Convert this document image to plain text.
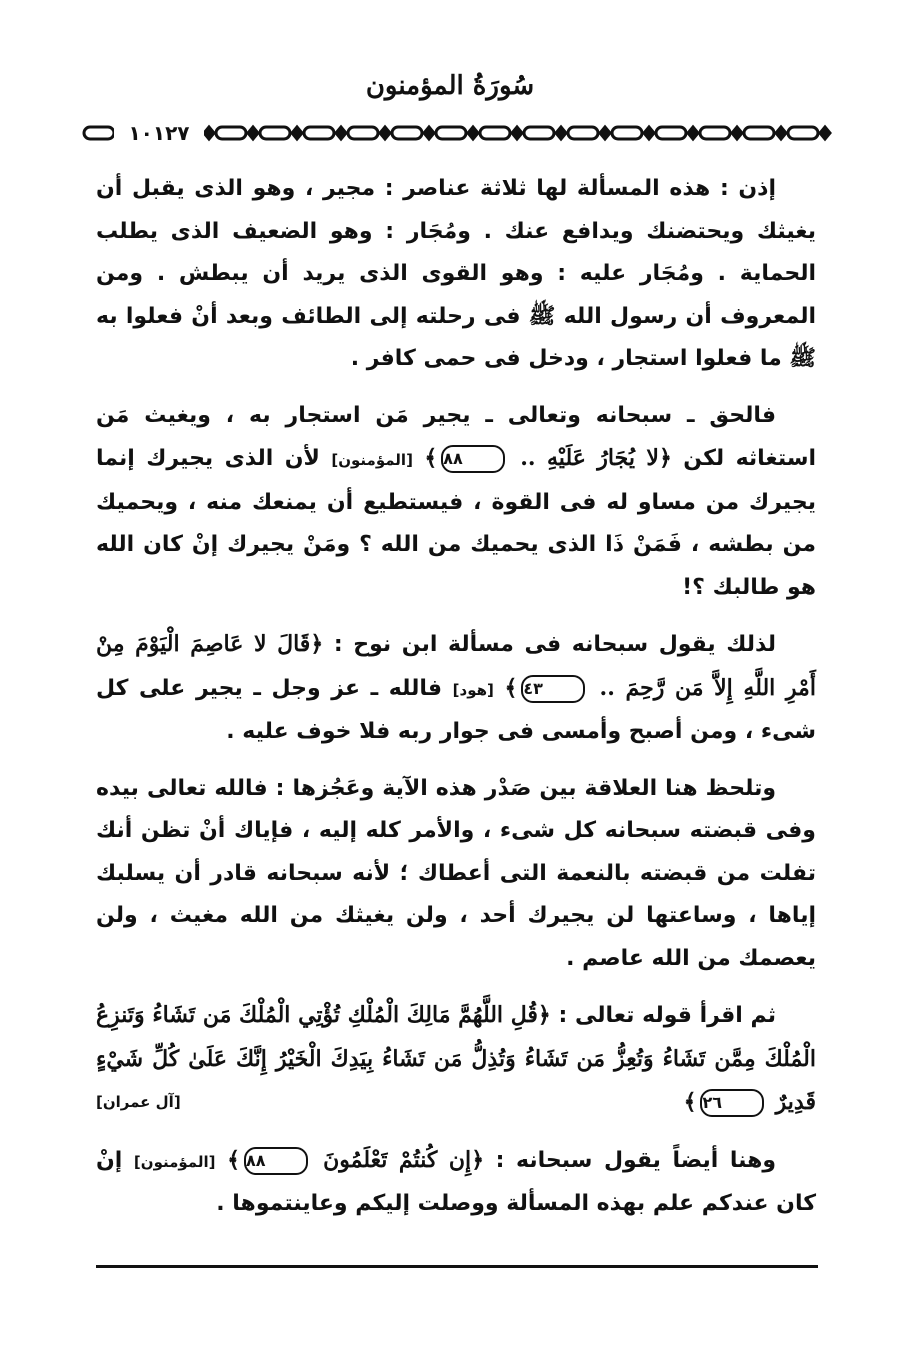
سُورَةُ المؤمنون
١٠١٢٧

إذن : هذه المسألة لها ثلاثة عناصر : مجير ، وهو الذى يقبل أن يغيثك ويحتضنك ويدافع عنك . ومُجَار : وهو الضعيف الذى يطلب الحماية . ومُجَار عليه : وهو القوى الذى يريد أن يبطش . ومن المعروف أن رسول الله ﷺ فى رحلته إلى الطائف وبعد أنْ فعلوا به ﷺ ما فعلوا استجار ، ودخل فى حمى كافر .

فالحق ـ سبحانه وتعالى ـ يجير مَن استجار به ، ويغيث مَن استغاثه لكن ﴿لا يُجَارُ عَلَيْهِ .. ٨٨﴾ [المؤمنون] لأن الذى يجيرك إنما يجيرك من مساو له فى القوة ، فيستطيع أن يمنعك منه ، ويحميك من بطشه ، فَمَنْ ذَا الذى يحميك من الله ؟ ومَنْ يجيرك إنْ كان الله هو طالبك ؟!

لذلك يقول سبحانه فى مسألة ابن نوح : ﴿قَالَ لا عَاصِمَ الْيَوْمَ مِنْ أَمْرِ اللَّهِ إِلاَّ مَن رَّحِمَ .. ٤٣﴾ [هود] فالله ـ عز وجل ـ يجير على كل شىء ، ومن أصبح وأمسى فى جوار ربه فلا خوف عليه .

وتلحظ هنا العلاقة بين صَدْر هذه الآية وعَجُزها : فالله تعالى بيده وفى قبضته سبحانه كل شىء ، والأمر كله إليه ، فإياك أنْ تظن أنك تفلت من قبضته بالنعمة التى أعطاك ؛ لأنه سبحانه قادر أن يسلبك إياها ، وساعتها لن يجيرك أحد ، ولن يغيثك من الله مغيث ، ولن يعصمك من الله عاصم .

ثم اقرأ قوله تعالى : ﴿قُلِ اللَّهُمَّ مَالِكَ الْمُلْكِ تُؤْتِي الْمُلْكَ مَن تَشَاءُ وَتَنزِعُ الْمُلْكَ مِمَّن تَشَاءُ وَتُعِزُّ مَن تَشَاءُ وَتُذِلُّ مَن تَشَاءُ بِيَدِكَ الْخَيْرُ إِنَّكَ عَلَىٰ كُلِّ شَيْءٍ قَدِيرٌ ٢٦﴾
[آل عمران]

وهنا أيضاً يقول سبحانه : ﴿إِن كُنتُمْ تَعْلَمُونَ ٨٨﴾ [المؤمنون] إنْ كان عندكم علم بهذه المسألة ووصلت إليكم وعاينتموها .
